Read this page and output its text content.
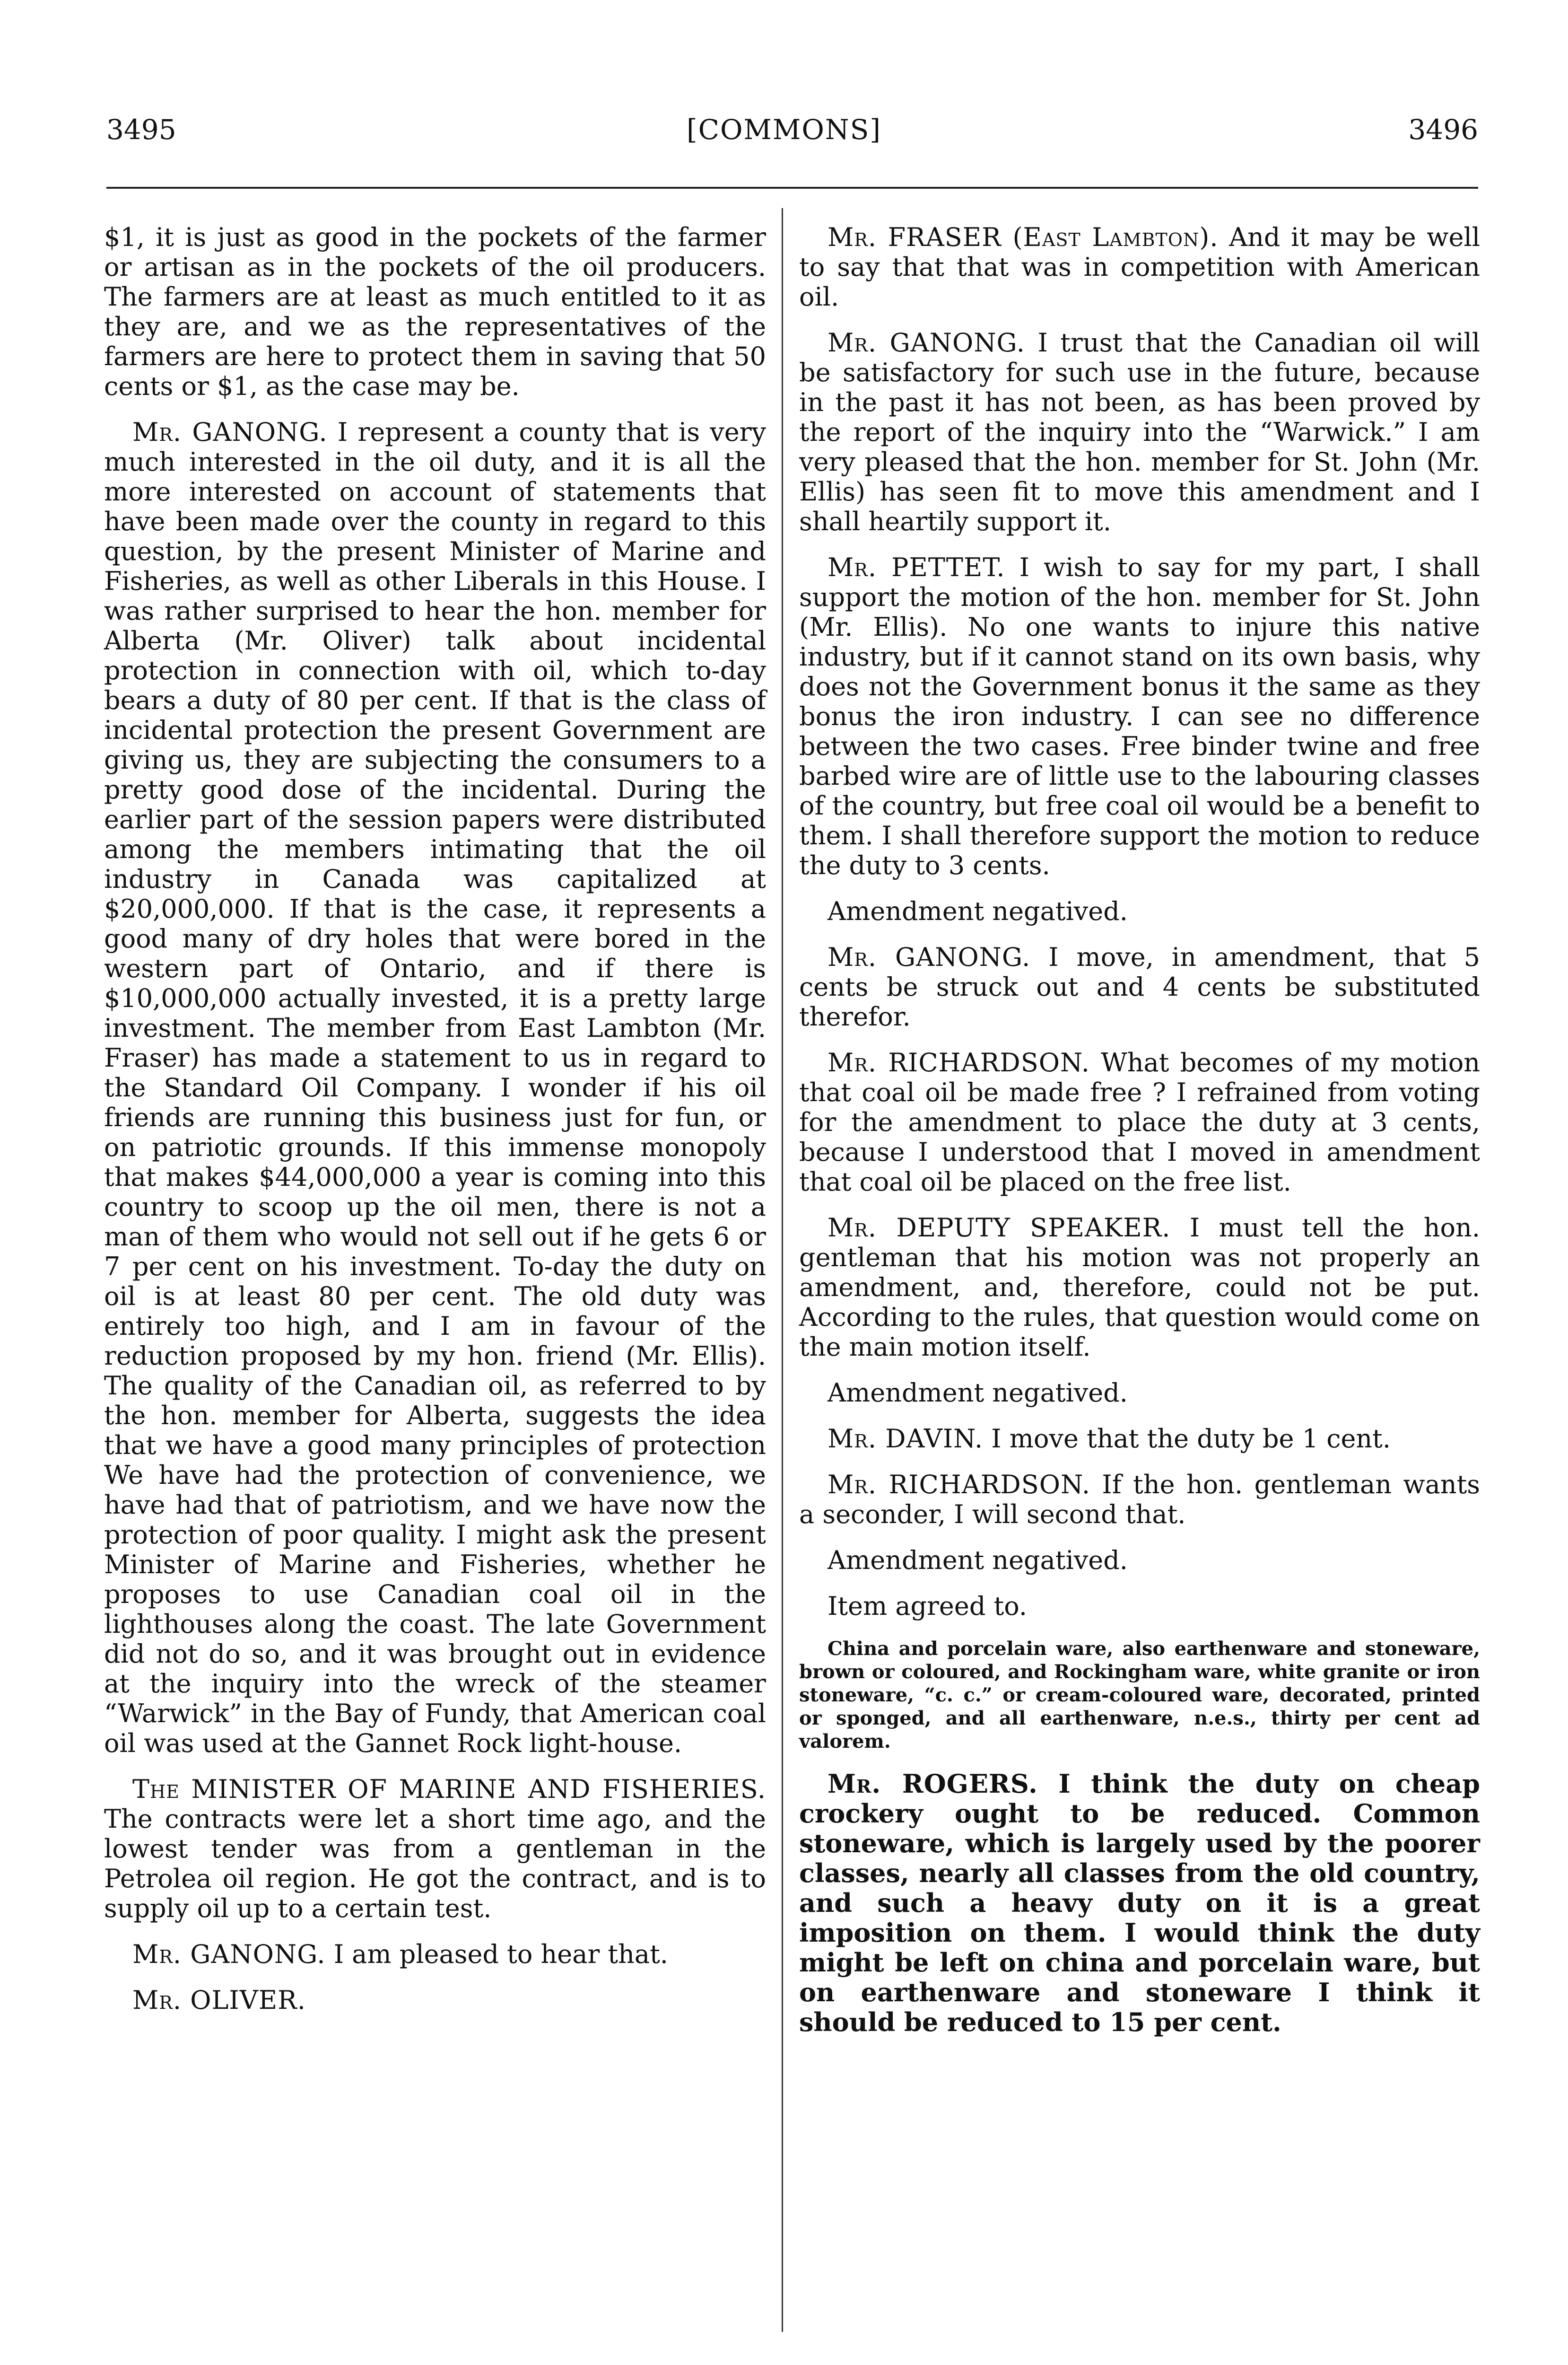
3495	[COMMONS]	3496

$1, it is just as good in the pockets of the farmer or artisan as in the pockets of the oil producers. The farmers are at least as much entitled to it as they are, and we as the representatives of the farmers are here to protect them in saving that 50 cents or $1, as the case may be.

Mr. GANONG. I represent a county that is very much interested in the oil duty, and it is all the more interested on account of statements that have been made over the county in regard to this question, by the present Minister of Marine and Fisheries, as well as other Liberals in this House. I was rather surprised to hear the hon. member for Alberta (Mr. Oliver) talk about incidental protection in connection with oil, which to-day bears a duty of 80 per cent. If that is the class of incidental protection the present Government are giving us, they are subjecting the consumers to a pretty good dose of the incidental. During the earlier part of the session papers were distributed among the members intimating that the oil industry in Canada was capitalized at $20,000,000. If that is the case, it represents a good many of dry holes that were bored in the western part of Ontario, and if there is $10,000,000 actually invested, it is a pretty large investment. The member from East Lambton (Mr. Fraser) has made a statement to us in regard to the Standard Oil Company. I wonder if his oil friends are running this business just for fun, or on patriotic grounds. If this immense monopoly that makes $44,000,000 a year is coming into this country to scoop up the oil men, there is not a man of them who would not sell out if he gets 6 or 7 per cent on his investment. To-day the duty on oil is at least 80 per cent. The old duty was entirely too high, and I am in favour of the reduction proposed by my hon. friend (Mr. Ellis). The quality of the Canadian oil, as referred to by the hon. member for Alberta, suggests the idea that we have a good many principles of protection We have had the protection of convenience, we have had that of patriotism, and we have now the protection of poor quality. I might ask the present Minister of Marine and Fisheries, whether he proposes to use Canadian coal oil in the lighthouses along the coast. The late Government did not do so, and it was brought out in evidence at the inquiry into the wreck of the steamer “Warwick” in the Bay of Fundy, that American coal oil was used at the Gannet Rock light-house.

The MINISTER OF MARINE AND FISHERIES. The contracts were let a short time ago, and the lowest tender was from a gentleman in the Petrolea oil region. He got the contract, and is to supply oil up to a certain test.

Mr. GANONG. I am pleased to hear that.

Mr. OLIVER.

Mr. FRASER (East Lambton). And it may be well to say that that was in competition with American oil.

Mr. GANONG. I trust that the Canadian oil will be satisfactory for such use in the future, because in the past it has not been, as has been proved by the report of the inquiry into the “Warwick.” I am very pleased that the hon. member for St. John (Mr. Ellis) has seen fit to move this amendment and I shall heartily support it.

Mr. PETTET. I wish to say for my part, I shall support the motion of the hon. member for St. John (Mr. Ellis). No one wants to injure this native industry, but if it cannot stand on its own basis, why does not the Government bonus it the same as they bonus the iron industry. I can see no difference between the two cases. Free binder twine and free barbed wire are of little use to the labouring classes of the country, but free coal oil would be a benefit to them. I shall therefore support the motion to reduce the duty to 3 cents.

Amendment negatived.

Mr. GANONG. I move, in amendment, that 5 cents be struck out and 4 cents be substituted therefor.

Mr. RICHARDSON. What becomes of my motion that coal oil be made free ? I refrained from voting for the amendment to place the duty at 3 cents, because I understood that I moved in amendment that coal oil be placed on the free list.

Mr. DEPUTY SPEAKER. I must tell the hon. gentleman that his motion was not properly an amendment, and, therefore, could not be put. According to the rules, that question would come on the main motion itself.

Amendment negatived.

Mr. DAVIN. I move that the duty be 1 cent.

Mr. RICHARDSON. If the hon. gentleman wants a seconder, I will second that.

Amendment negatived.

Item agreed to.

China and porcelain ware, also earthenware and stoneware, brown or coloured, and Rockingham ware, white granite or iron stoneware, “c. c.” or cream-coloured ware, decorated, printed or sponged, and all earthenware, n.e.s., thirty per cent ad valorem.

Mr. ROGERS. I think the duty on cheap crockery ought to be reduced. Common stoneware, which is largely used by the poorer classes, nearly all classes from the old country, and such a heavy duty on it is a great imposition on them. I would think the duty might be left on china and porcelain ware, but on earthenware and stoneware I think it should be reduced to 15 per cent.
